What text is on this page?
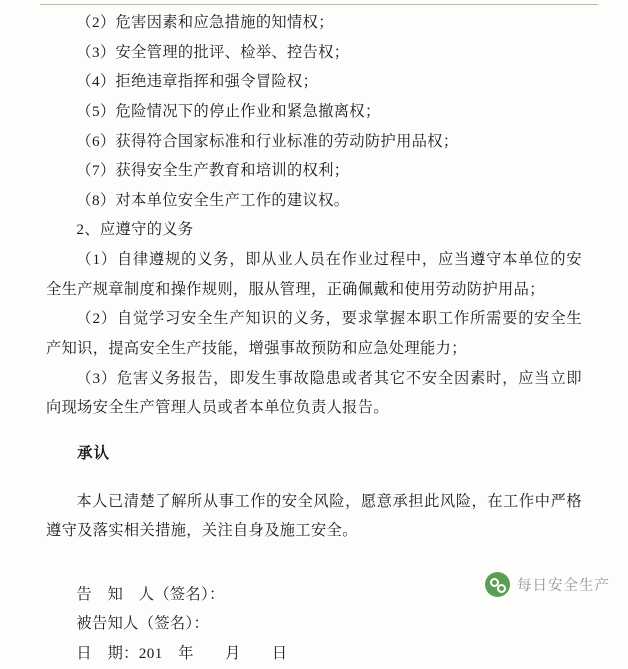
（2）危害因素和应急措施的知情权；

（3）安全管理的批评、检举、控告权；

（4）拒绝违章指挥和强令冒险权；

（5）危险情况下的停止作业和紧急撤离权；

（6）获得符合国家标准和行业标准的劳动防护用品权；

（7）获得安全生产教育和培训的权利；

（8）对本单位安全生产工作的建议权。

2、应遵守的义务

（1）自律遵规的义务，即从业人员在作业过程中，应当遵守本单位的安全生产规章制度和操作规则，服从管理，正确佩戴和使用劳动防护用品；

（2）自觉学习安全生产知识的义务，要求掌握本职工作所需要的安全生产知识，提高安全生产技能，增强事故预防和应急处理能力；

（3）危害义务报告，即发生事故隐患或者其它不安全因素时，应当立即向现场安全生产管理人员或者本单位负责人报告。

承认

本人已清楚了解所从事工作的安全风险，愿意承担此风险，在工作中严格遵守及落实相关措施，关注自身及施工安全。

告　知　人（签名）：

被告知人（签名）：

日　期：201　年　　月　　日

每日安全生产
